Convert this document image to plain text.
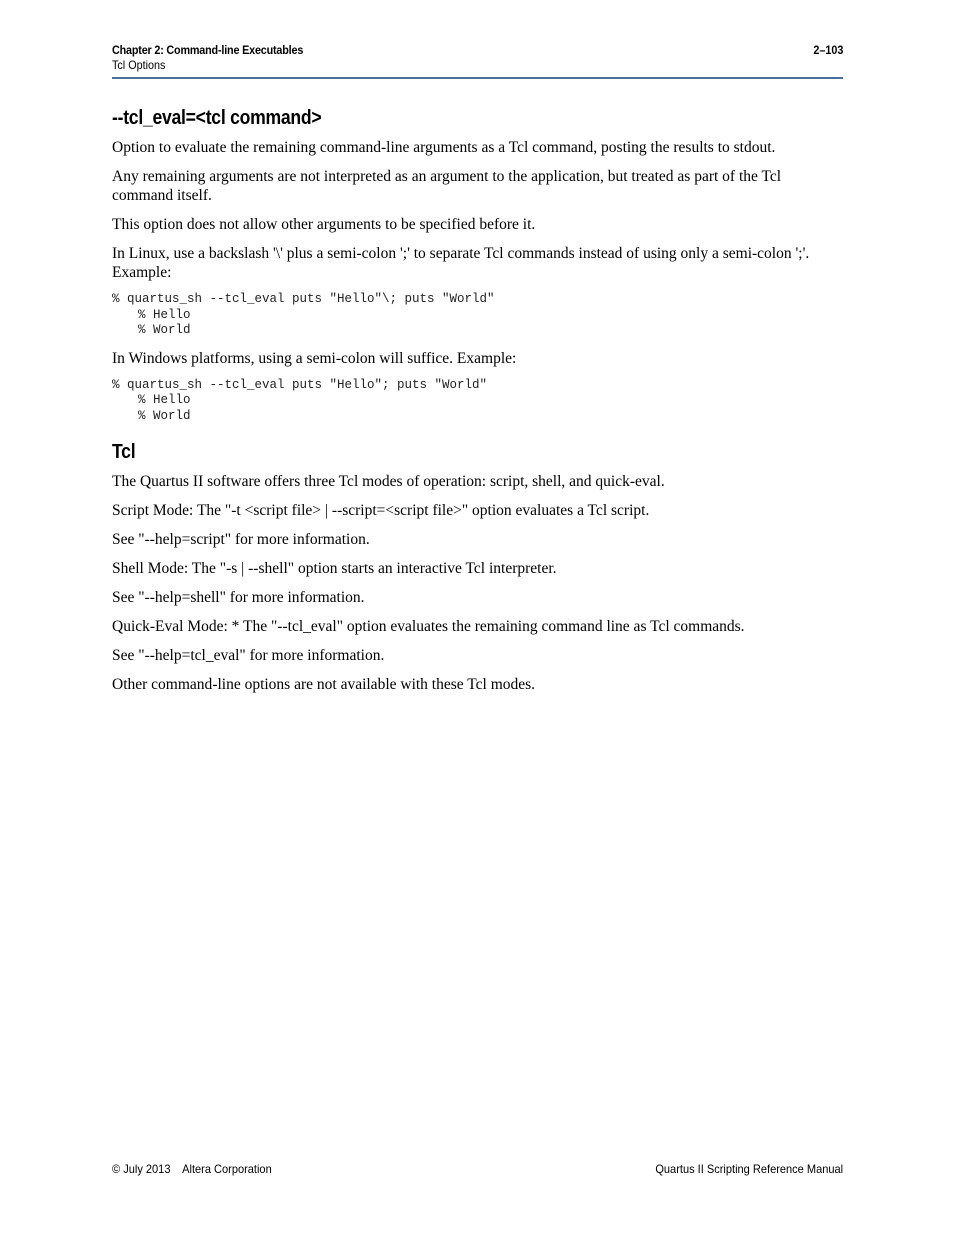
Chapter 2: Command-line Executables
Tcl Options
2–103
--tcl_eval=<tcl command>

Option to evaluate the remaining command-line arguments as a Tcl command, posting the results to stdout.

Any remaining arguments are not interpreted as an argument to the application, but treated as part of the Tcl command itself.

This option does not allow other arguments to be specified before it.

In Linux, use a backslash '\' plus a semi-colon ';' to separate Tcl commands instead of using only a semi-colon ';'. Example:

% quartus_sh --tcl_eval puts "Hello"\; puts "World"
% Hello
% World

In Windows platforms, using a semi-colon will suffice. Example:

% quartus_sh --tcl_eval puts "Hello"; puts "World"
% Hello
% World
Tcl

The Quartus II software offers three Tcl modes of operation: script, shell, and quick-eval.

Script Mode: The "-t <script file> | --script=<script file>" option evaluates a Tcl script.

See "--help=script" for more information.

Shell Mode: The "-s | --shell" option starts an interactive Tcl interpreter.

See "--help=shell" for more information.

Quick-Eval Mode: * The "--tcl_eval" option evaluates the remaining command line as Tcl commands.

See "--help=tcl_eval" for more information.

Other command-line options are not available with these Tcl modes.

© July 2013    Altera Corporation	Quartus II Scripting Reference Manual
